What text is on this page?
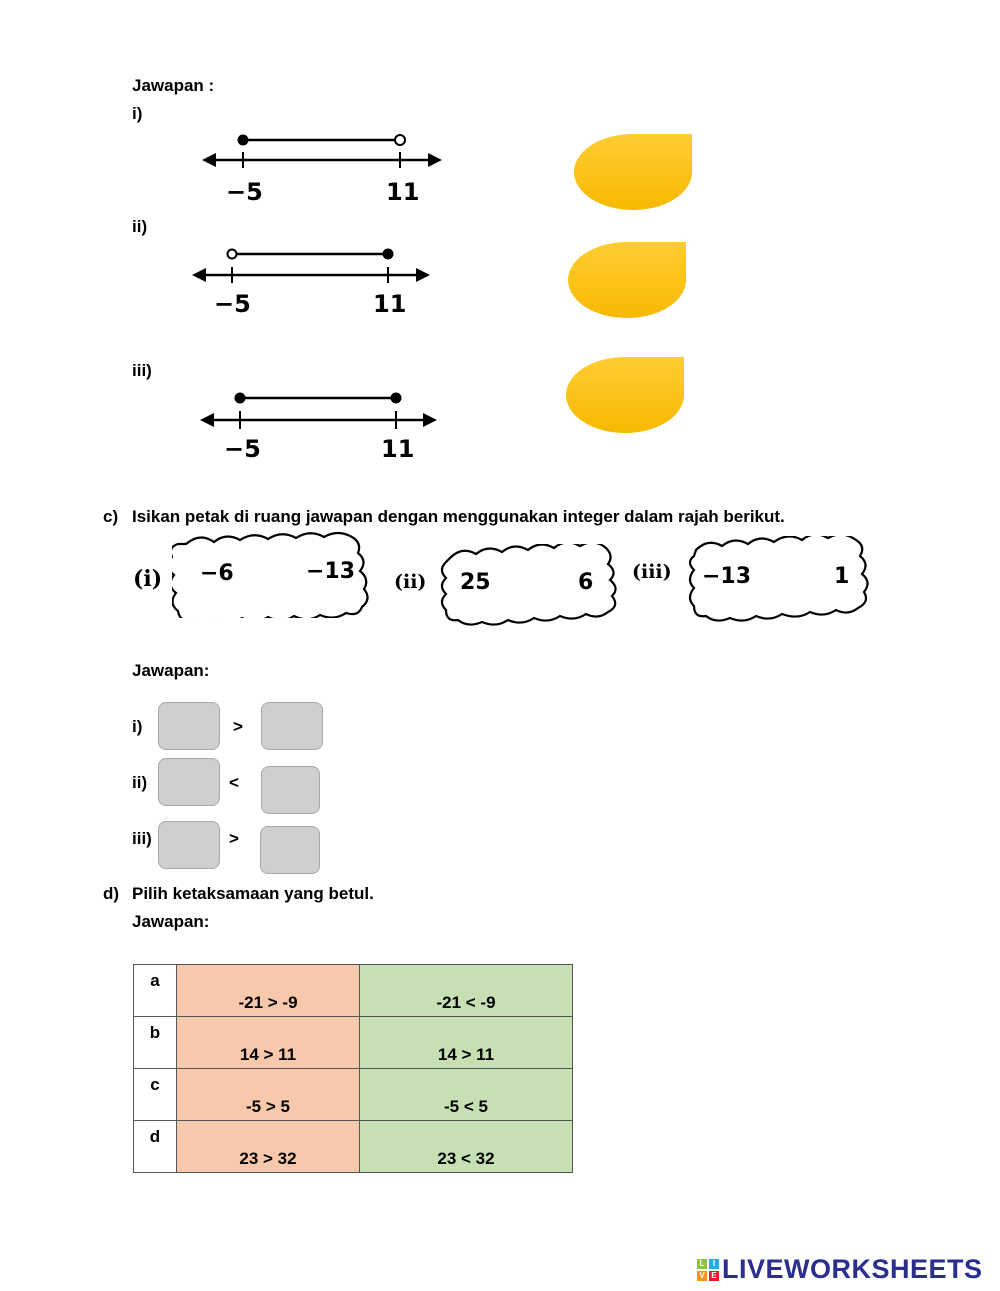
Jawapan :
i)
−5	11
ii)
−5	11
iii)
−5	11
c) Isikan petak di ruang jawapan dengan menggunakan integer dalam rajah berikut.
(i) −6	−13 (ii) 25	6 (iii) −13	1
Jawapan:
i)	>
ii)	<
iii)	>
d) Pilih ketaksamaan yang betul.
Jawapan:
a	-21 > -9	-21 < -9
b	14 > 11	14 > 11
c	-5 > 5	-5 < 5
d	23 > 32	23 < 32
L	I
V E LIVEWORKSHEETS
